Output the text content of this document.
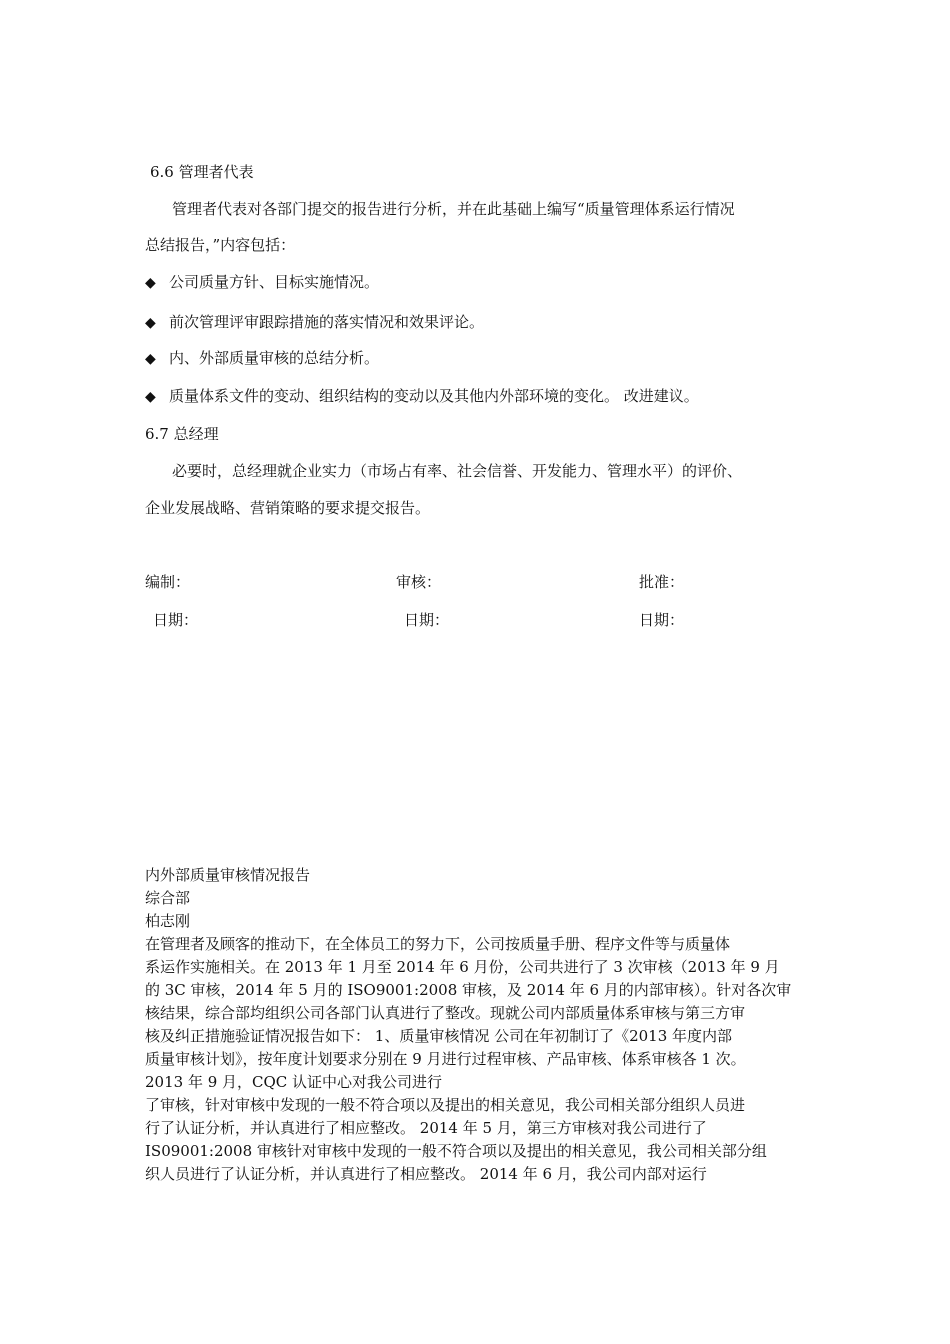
6.6 管理者代表
管理者代表对各部门提交的报告进行分析，并在此基础上编写“质量管理体系运行情况
总结报告，”内容包括：
◆ 公司质量方针、目标实施情况。
◆ 前次管理评审跟踪措施的落实情况和效果评论。
◆ 内、外部质量审核的总结分析。
◆ 质量体系文件的变动、组织结构的变动以及其他内外部环境的变化。 改进建议。
6.7 总经理
必要时，总经理就企业实力（市场占有率、社会信誉、开发能力、管理水平）的评价、
企业发展战略、营销策略的要求提交报告。
编制：	审核：	批准：
日期：	日期：	日期：
内外部质量审核情况报告
综合部
柏志刚
在管理者及顾客的推动下，在全体员工的努力下，公司按质量手册、程序文件等与质量体
系运作实施相关。在 2013 年 1 月至 2014 年 6 月份，公司共进行了 3 次审核（2013 年 9 月
的 3C 审核，2014 年 5 月的 ISO9001:2008 审核，及 2014 年 6 月的内部审核）。针对各次审
核结果，综合部均组织公司各部门认真进行了整改。现就公司内部质量体系审核与第三方审
核及纠正措施验证情况报告如下： 1、质量审核情况 公司在年初制订了《2013 年度内部
质量审核计划》，按年度计划要求分别在 9 月进行过程审核、产品审核、体系审核各 1 次。
2013 年 9 月，CQC 认证中心对我公司进行
了审核，针对审核中发现的一般不符合项以及提出的相关意见，我公司相关部分组织人员进
行了认证分析，并认真进行了相应整改。 2014 年 5 月，第三方审核对我公司进行了
IS09001:2008 审核针对审核中发现的一般不符合项以及提出的相关意见，我公司相关部分组
织人员进行了认证分析，并认真进行了相应整改。 2014 年 6 月，我公司内部对运行
